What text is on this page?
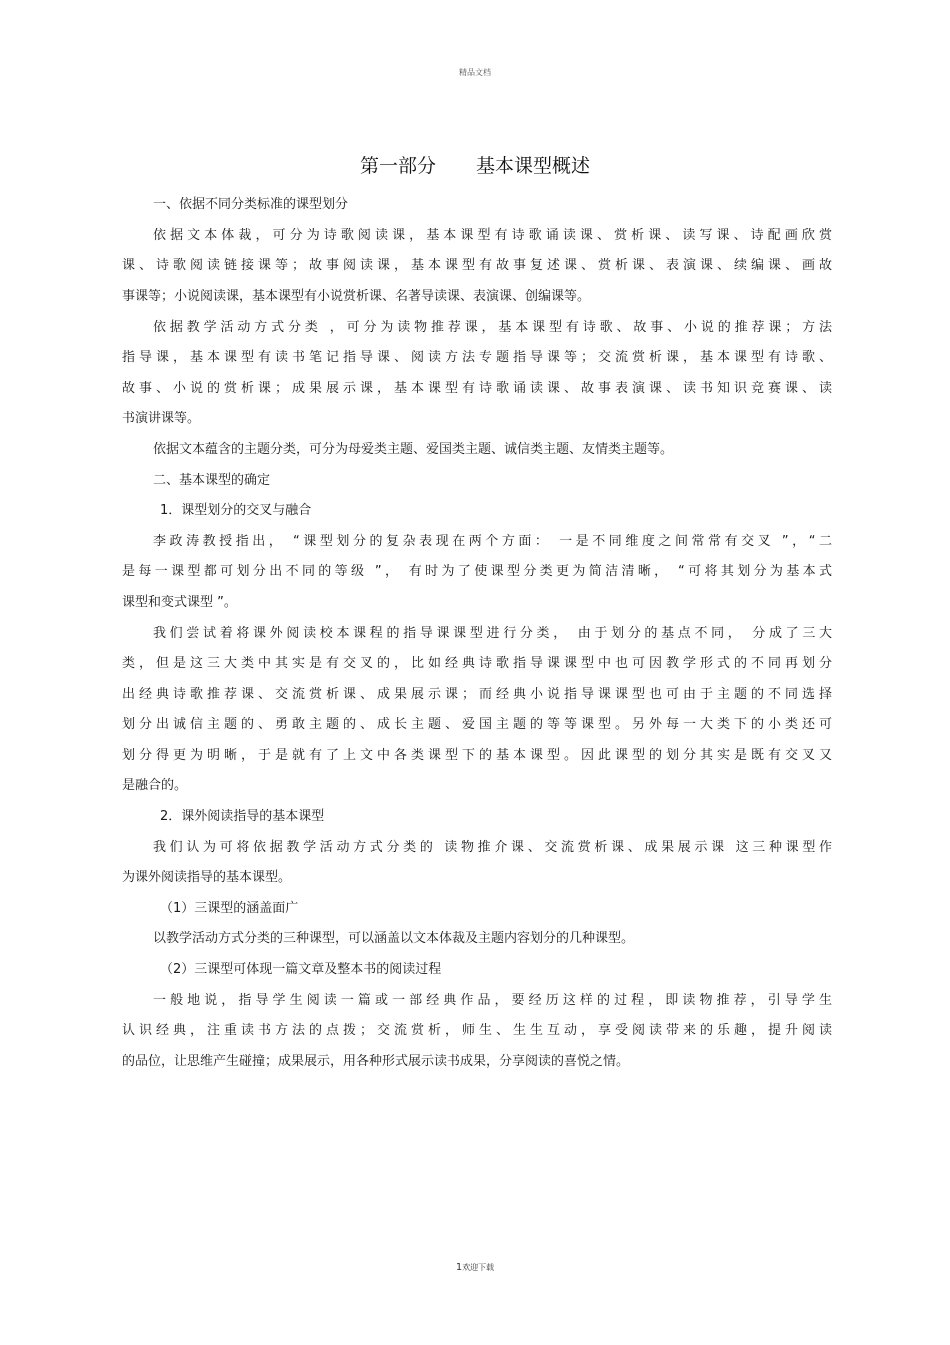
精品文档
第一部分 基本课型概述
一、依据不同分类标准的课型划分
依据文本体裁，可分为诗歌阅读课，基本课型有诗歌诵读课、赏析课、读写课、诗配画欣赏
课、诗歌阅读链接课等；故事阅读课，基本课型有故事复述课、赏析课、表演课、续编课、画故
事课等；小说阅读课，基本课型有小说赏析课、名著导读课、表演课、创编课等。
依据教学活动方式分类 ，可分为读物推荐课，基本课型有诗歌、故事、小说的推荐课；方法
指导课，基本课型有读书笔记指导课、阅读方法专题指导课等；交流赏析课，基本课型有诗歌、
故事、小说的赏析课；成果展示课，基本课型有诗歌诵读课、故事表演课、读书知识竞赛课、读
书演讲课等。
依据文本蕴含的主题分类，可分为母爱类主题、爱国类主题、诚信类主题、友情类主题等。
二、基本课型的确定
1．课型划分的交叉与融合
李政涛教授指出， “课型划分的复杂表现在两个方面： 一是不同维度之间常常有交叉 ”，“二
是每一课型都可划分出不同的等级 ”， 有时为了使课型分类更为简洁清晰， “可将其划分为基本式
课型和变式课型 ”。
我们尝试着将课外阅读校本课程的指导课课型进行分类， 由于划分的基点不同， 分成了三大
类，但是这三大类中其实是有交叉的，比如经典诗歌指导课课型中也可因教学形式的不同再划分
出经典诗歌推荐课、交流赏析课、成果展示课；而经典小说指导课课型也可由于主题的不同选择
划分出诚信主题的、勇敢主题的、成长主题、爱国主题的等等课型。另外每一大类下的小类还可
划分得更为明晰，于是就有了上文中各类课型下的基本课型。因此课型的划分其实是既有交叉又
是融合的。
2．课外阅读指导的基本课型
我们认为可将依据教学活动方式分类的 读物推介课、交流赏析课、成果展示课 这三种课型作
为课外阅读指导的基本课型。
（1）三课型的涵盖面广
以教学活动方式分类的三种课型，可以涵盖以文本体裁及主题内容划分的几种课型。
（2）三课型可体现一篇文章及整本书的阅读过程
一般地说，指导学生阅读一篇或一部经典作品，要经历这样的过程，即读物推荐，引导学生
认识经典，注重读书方法的点拨；交流赏析，师生、生生互动，享受阅读带来的乐趣，提升阅读
的品位，让思维产生碰撞；成果展示，用各种形式展示读书成果，分享阅读的喜悦之情。
1欢迎下载
